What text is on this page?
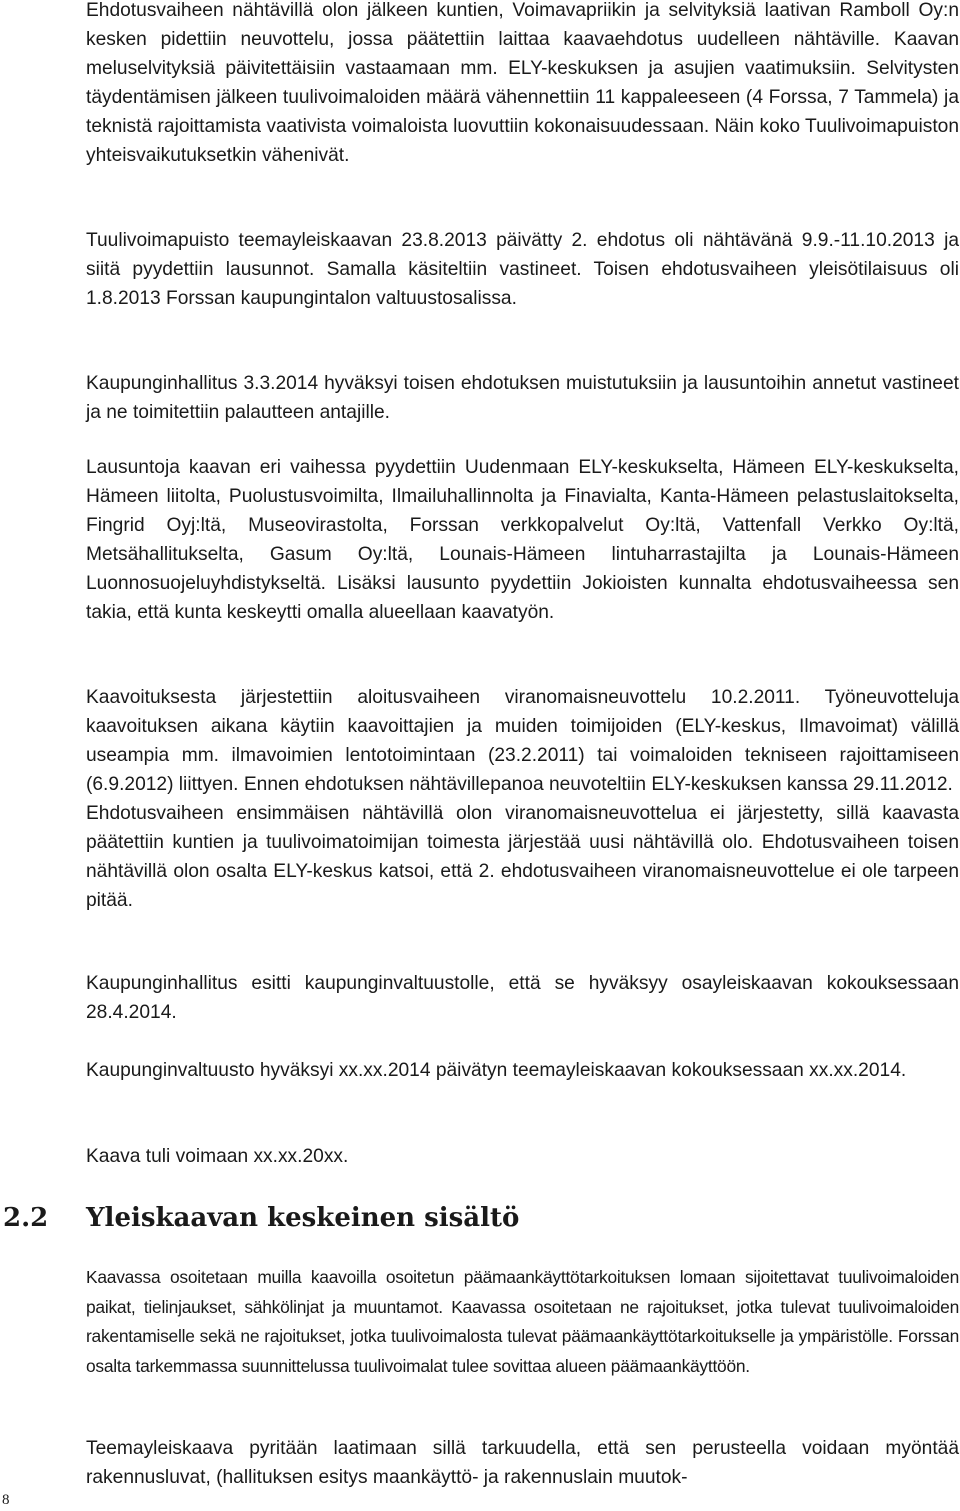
Ehdotusvaiheen nähtävillä olon jälkeen kuntien, Voimavapriikin ja selvityksiä laativan Ramboll Oy:n kesken pidettiin neuvottelu, jossa päätettiin laittaa kaavaehdotus uudelleen nähtäville. Kaavan meluselvityksiä päivitettäisiin vastaamaan mm. ELY-keskuksen ja asujien vaatimuksiin. Selvitysten täydentämisen jälkeen tuulivoimaloiden määrä vähennettiin 11 kappaleeseen (4 Forssa, 7 Tammela) ja teknistä rajoittamista vaativista voimaloista luovuttiin kokonaisuudessaan. Näin koko Tuulivoimapuiston yhteisvaikutuksetkin vähenivät.

Tuulivoimapuisto teemayleiskaavan 23.8.2013 päivätty 2. ehdotus oli nähtävänä 9.9.-11.10.2013 ja siitä pyydettiin lausunnot. Samalla käsiteltiin vastineet. Toisen ehdotusvaiheen yleisötilaisuus oli 1.8.2013 Forssan kaupungintalon valtuustosalissa.

Kaupunginhallitus 3.3.2014 hyväksyi toisen ehdotuksen muistutuksiin ja lausuntoihin annetut vastineet ja ne toimitettiin palautteen antajille.

Lausuntoja kaavan eri vaihessa pyydettiin Uudenmaan ELY-keskukselta, Hämeen ELY-keskukselta, Hämeen liitolta, Puolustusvoimilta, Ilmailuhallinnolta ja Finavialta, Kanta-Hämeen pelastuslaitokselta, Fingrid Oyj:ltä, Museovirastolta, Forssan verkkopalvelut Oy:ltä, Vattenfall Verkko Oy:ltä, Metsähallitukselta, Gasum Oy:ltä, Lounais-Hämeen lintuharrastajilta ja Lounais-Hämeen Luonnosuojeluyhdistykseltä. Lisäksi lausunto pyydettiin Jokioisten kunnalta ehdotusvaiheessa sen takia, että kunta keskeytti omalla alueellaan kaavatyön.

Kaavoituksesta järjestettiin aloitusvaiheen viranomaisneuvottelu 10.2.2011. Työneuvotteluja kaavoituksen aikana käytiin kaavoittajien ja muiden toimijoiden (ELY-keskus, Ilmavoimat) välillä useampia mm. ilmavoimien lentotoimintaan (23.2.2011) tai voimaloiden tekniseen rajoittamiseen (6.9.2012) liittyen. Ennen ehdotuksen nähtävillepanoa neuvoteltiin ELY-keskuksen kanssa 29.11.2012.

Ehdotusvaiheen ensimmäisen nähtävillä olon viranomaisneuvottelua ei järjestetty, sillä kaavasta päätettiin kuntien ja tuulivoimatoimijan toimesta järjestää uusi nähtävillä olo. Ehdotusvaiheen toisen nähtävillä olon osalta ELY-keskus katsoi, että 2. ehdotusvaiheen viranomaisneuvottelue ei ole tarpeen pitää.

Kaupunginhallitus esitti kaupunginvaltuustolle, että se hyväksyy osayleiskaavan kokouksessaan 28.4.2014.

Kaupunginvaltuusto hyväksyi xx.xx.2014 päivätyn teemayleiskaavan kokouksessaan xx.xx.2014.

Kaava tuli voimaan xx.xx.20xx.

2.2 Yleiskaavan keskeinen sisältö

Kaavassa osoitetaan muilla kaavoilla osoitetun päämaankäyttötarkoituksen lomaan sijoitettavat tuulivoimaloiden paikat, tielinjaukset, sähkölinjat ja muuntamot. Kaavassa osoitetaan ne rajoitukset, jotka tulevat tuulivoimaloiden rakentamiselle sekä ne rajoitukset, jotka tuulivoimalosta tulevat päämaankäyttötarkoitukselle ja ympäristölle. Forssan osalta tarkemmassa suunnittelussa tuulivoimalat tulee sovittaa alueen päämaankäyttöön.

Teemayleiskaava pyritään laatimaan sillä tarkuudella, että sen perusteella voidaan myöntää rakennusluvat, (hallituksen esitys maankäyttö- ja rakennuslain muutok-

8
